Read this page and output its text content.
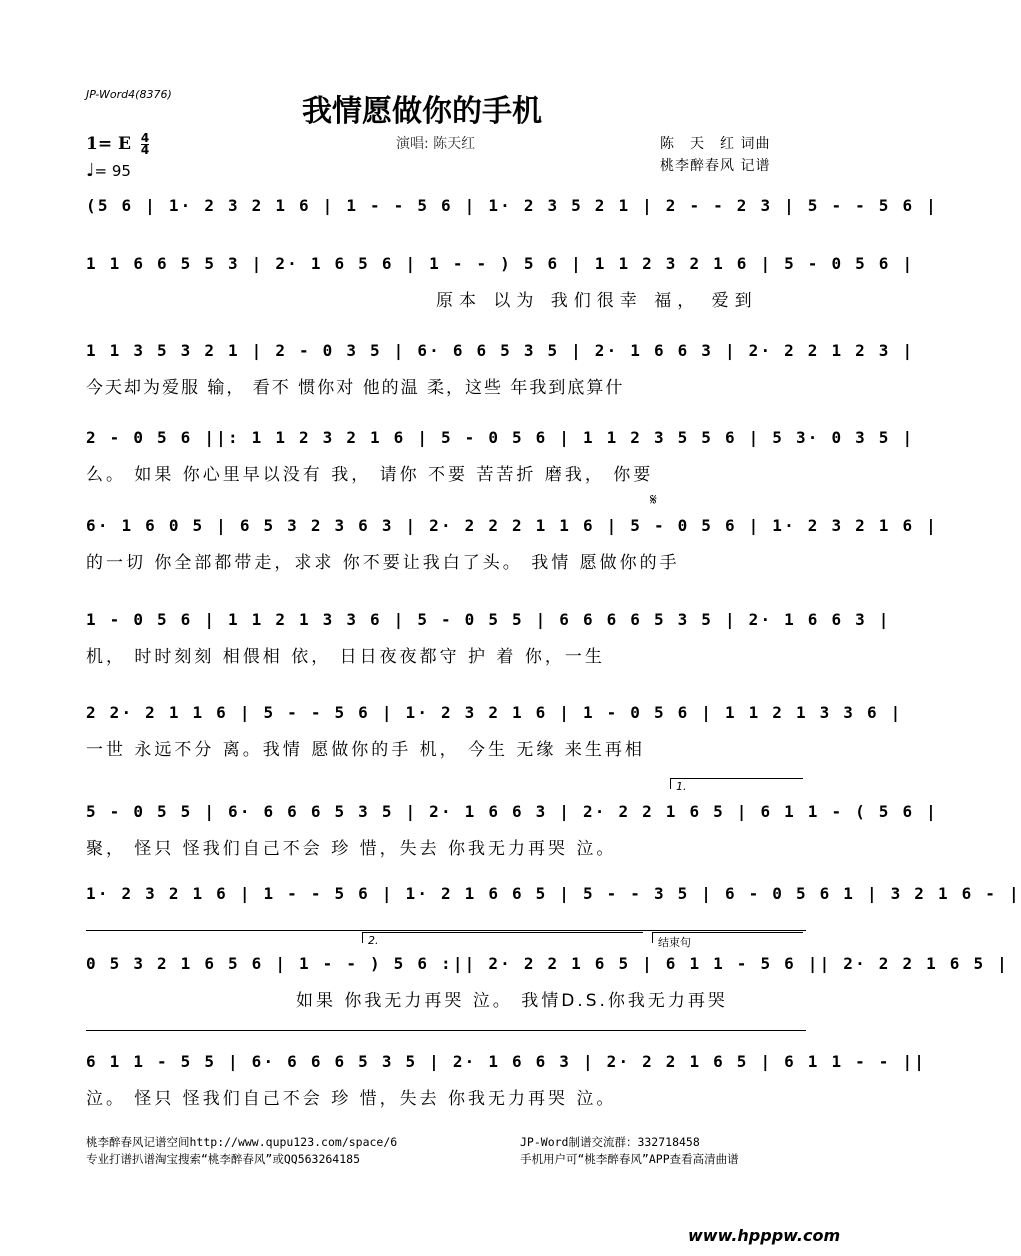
JP-Word4(8376)	我情愿做你的手机
1= E $\frac{4}{4}$
♩= 95
演唱: 陈天红	陈　天　红 词曲
桃李醉春风 记谱
(5 6 | 1· 2 3 2 1 6 | 1 - - 5 6 | 1· 2 3 5 2 1 | 2 - - 2 3 | 5 - - 5 6 |
1 1 6 6 5 5 3 | 2· 1 6 5 6 | 1 - - ) 5 6 | 1 1 2 3 2 1 6 | 5 - 0 5 6 |
原本 以为 我们很幸 福， 爱到
1 1 3 5 3 2 1 | 2 - 0 3 5 | 6· 6 6 5 3 5 | 2· 1 6 6 3 | 2· 2 2 1 2 3 |
今天却为爱服 输， 看不 惯你对 他的温 柔，这些 年我到底算什
2 - 0 5 6 ||: 1 1 2 3 2 1 6 | 5 - 0 5 6 | 1 1 2 3 5 5 6 | 5 3· 0 3 5 |
么。 如果 你心里早以没有 我， 请你 不要 苦苦折 磨我， 你要
𝄋
6· 1 6 0 5 | 6 5 3 2 3 6 3 | 2· 2 2 2 1 1 6 | 5 - 0 5 6 | 1· 2 3 2 1 6 |
的一切 你全部都带走，求求 你不要让我白了头。 我情 愿做你的手
1 - 0 5 6 | 1 1 2 1 3 3 6 | 5 - 0 5 5 | 6 6 6 6 5 3 5 | 2· 1 6 6 3 |
机， 时时刻刻 相偎相 依， 日日夜夜都守 护 着 你，一生
2 2· 2 1 1 6 | 5 - - 5 6 | 1· 2 3 2 1 6 | 1 - 0 5 6 | 1 1 2 1 3 3 6 |
一世 永远不分 离。我情 愿做你的手 机， 今生 无缘 来生再相
1.
5 - 0 5 5 | 6· 6 6 6 5 3 5 | 2· 1 6 6 3 | 2· 2 2 1 6 5 | 6 1 1 - ( 5 6 |
聚， 怪只 怪我们自己不会 珍 惜，失去 你我无力再哭 泣。
1· 2 3 2 1 6 | 1 - - 5 6 | 1· 2 1 6 6 5 | 5 - - 3 5 | 6 - 0 5 6 1 | 3 2 1 6 - |
2.	结束句
0 5 3 2 1 6 5 6 | 1 - - ) 5 6 :|| 2· 2 2 1 6 5 | 6 1 1 - 5 6 || 2· 2 2 1 6 5 |
如果 你我无力再哭 泣。 我情D.S.你我无力再哭
6 1 1 - 5 5 | 6· 6 6 6 5 3 5 | 2· 1 6 6 3 | 2· 2 2 1 6 5 | 6 1 1 - - ||
泣。 怪只 怪我们自己不会 珍 惜，失去 你我无力再哭 泣。
桃李醉春风记谱空间http://www.qupu123.com/space/6
专业打谱扒谱淘宝搜索“桃李醉春风”或QQ563264185
JP-Word制谱交流群：332718458
手机用户可“桃李醉春风”APP查看高清曲谱
www.hpppw.com
